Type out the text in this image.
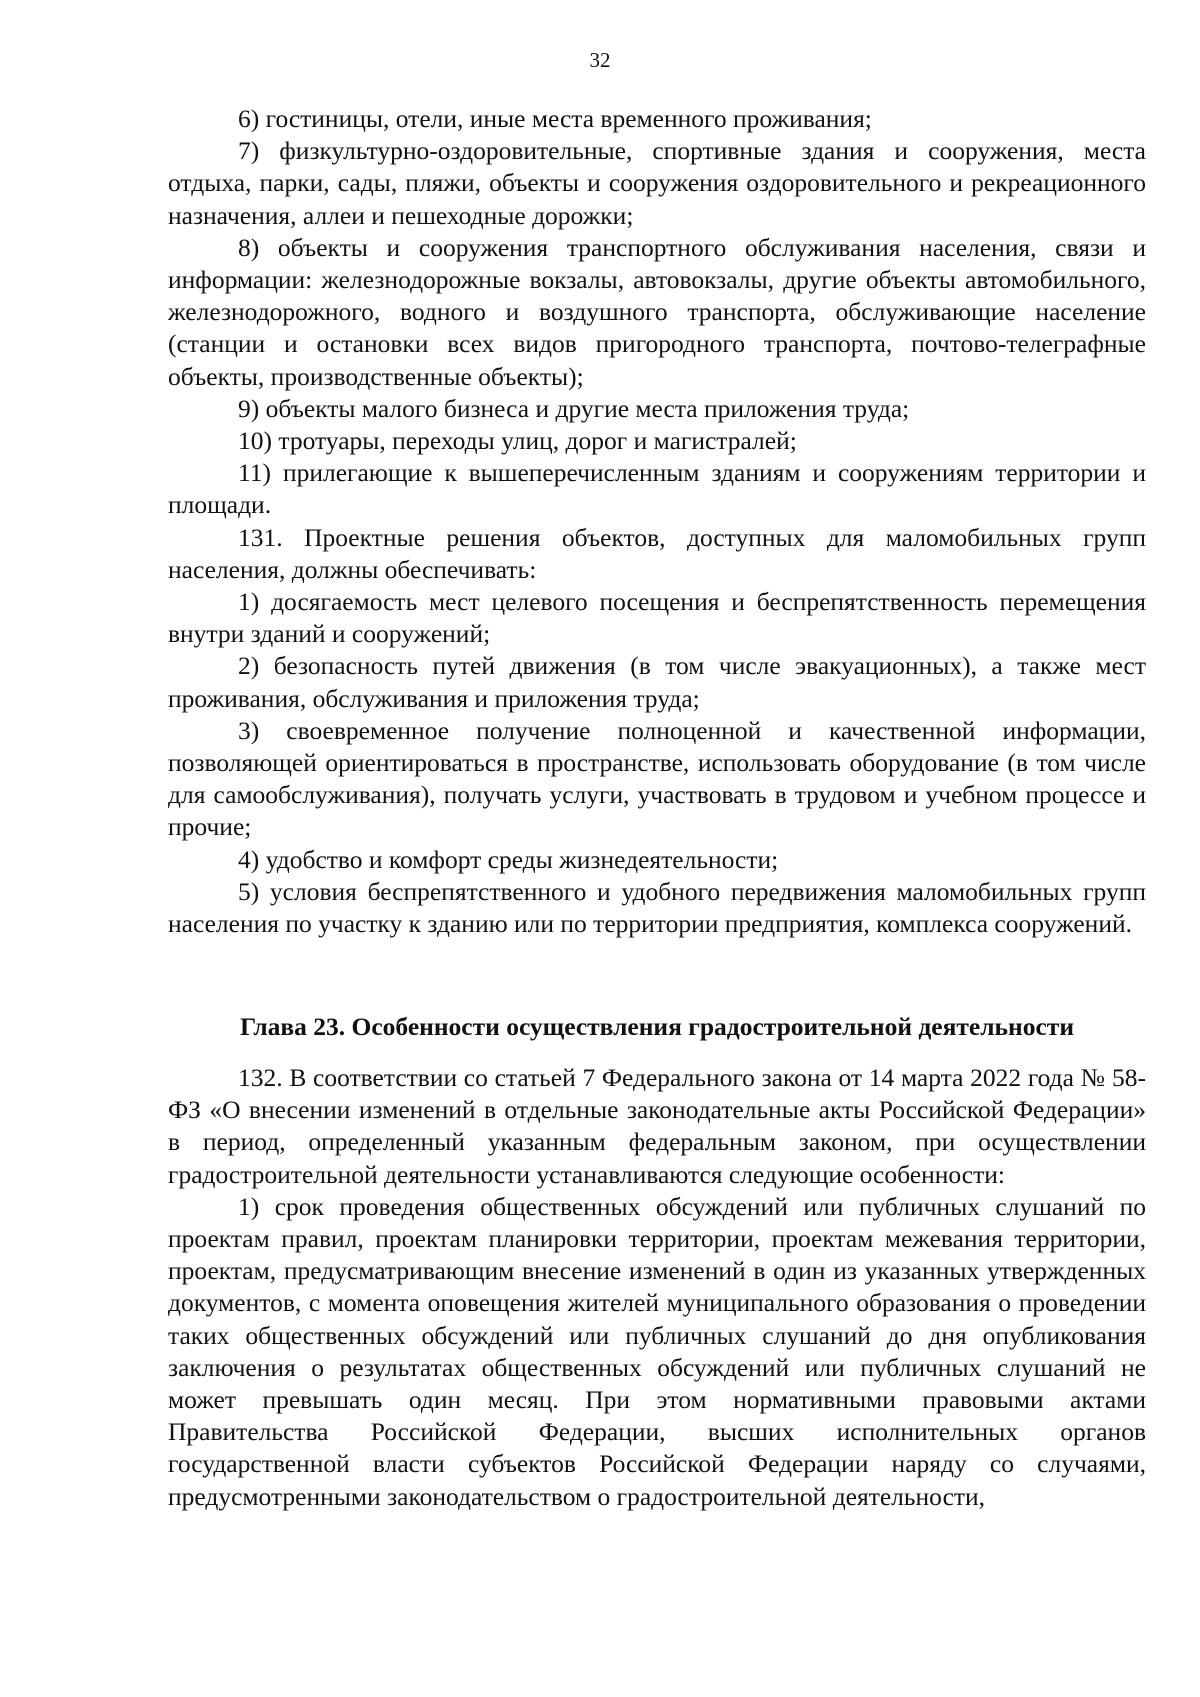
32

6) гостиницы, отели, иные места временного проживания;

7) физкультурно-оздоровительные, спортивные здания и сооружения, места отдыха, парки, сады, пляжи, объекты и сооружения оздоровительного и рекреационного назначения, аллеи и пешеходные дорожки;

8) объекты и сооружения транспортного обслуживания населения, связи и информации: железнодорожные вокзалы, автовокзалы, другие объекты автомобильного, железнодорожного, водного и воздушного транспорта, обслуживающие население (станции и остановки всех видов пригородного транспорта, почтово-телеграфные объекты, производственные объекты);

9) объекты малого бизнеса и другие места приложения труда;

10) тротуары, переходы улиц, дорог и магистралей;

11) прилегающие к вышеперечисленным зданиям и сооружениям территории и площади.

131. Проектные решения объектов, доступных для маломобильных групп населения, должны обеспечивать:

1) досягаемость мест целевого посещения и беспрепятственность перемещения внутри зданий и сооружений;

2) безопасность путей движения (в том числе эвакуационных), а также мест проживания, обслуживания и приложения труда;

3) своевременное получение полноценной и качественной информации, позволяющей ориентироваться в пространстве, использовать оборудование (в том числе для самообслуживания), получать услуги, участвовать в трудовом и учебном процессе и прочие;

4) удобство и комфорт среды жизнедеятельности;

5) условия беспрепятственного и удобного передвижения маломобильных групп населения по участку к зданию или по территории предприятия, комплекса сооружений.

Глава 23. Особенности осуществления градостроительной деятельности

132. В соответствии со статьей 7 Федерального закона от 14 марта 2022 года № 58-ФЗ «О внесении изменений в отдельные законодательные акты Российской Федерации» в период, определенный указанным федеральным законом, при осуществлении градостроительной деятельности устанавливаются следующие особенности:

1) срок проведения общественных обсуждений или публичных слушаний по проектам правил, проектам планировки территории, проектам межевания территории, проектам, предусматривающим внесение изменений в один из указанных утвержденных документов, с момента оповещения жителей муниципального образования о проведении таких общественных обсуждений или публичных слушаний до дня опубликования заключения о результатах общественных обсуждений или публичных слушаний не может превышать один месяц. При этом нормативными правовыми актами Правительства Российской Федерации, высших исполнительных органов государственной власти субъектов Российской Федерации наряду со случаями, предусмотренными законодательством о градостроительной деятельности,
